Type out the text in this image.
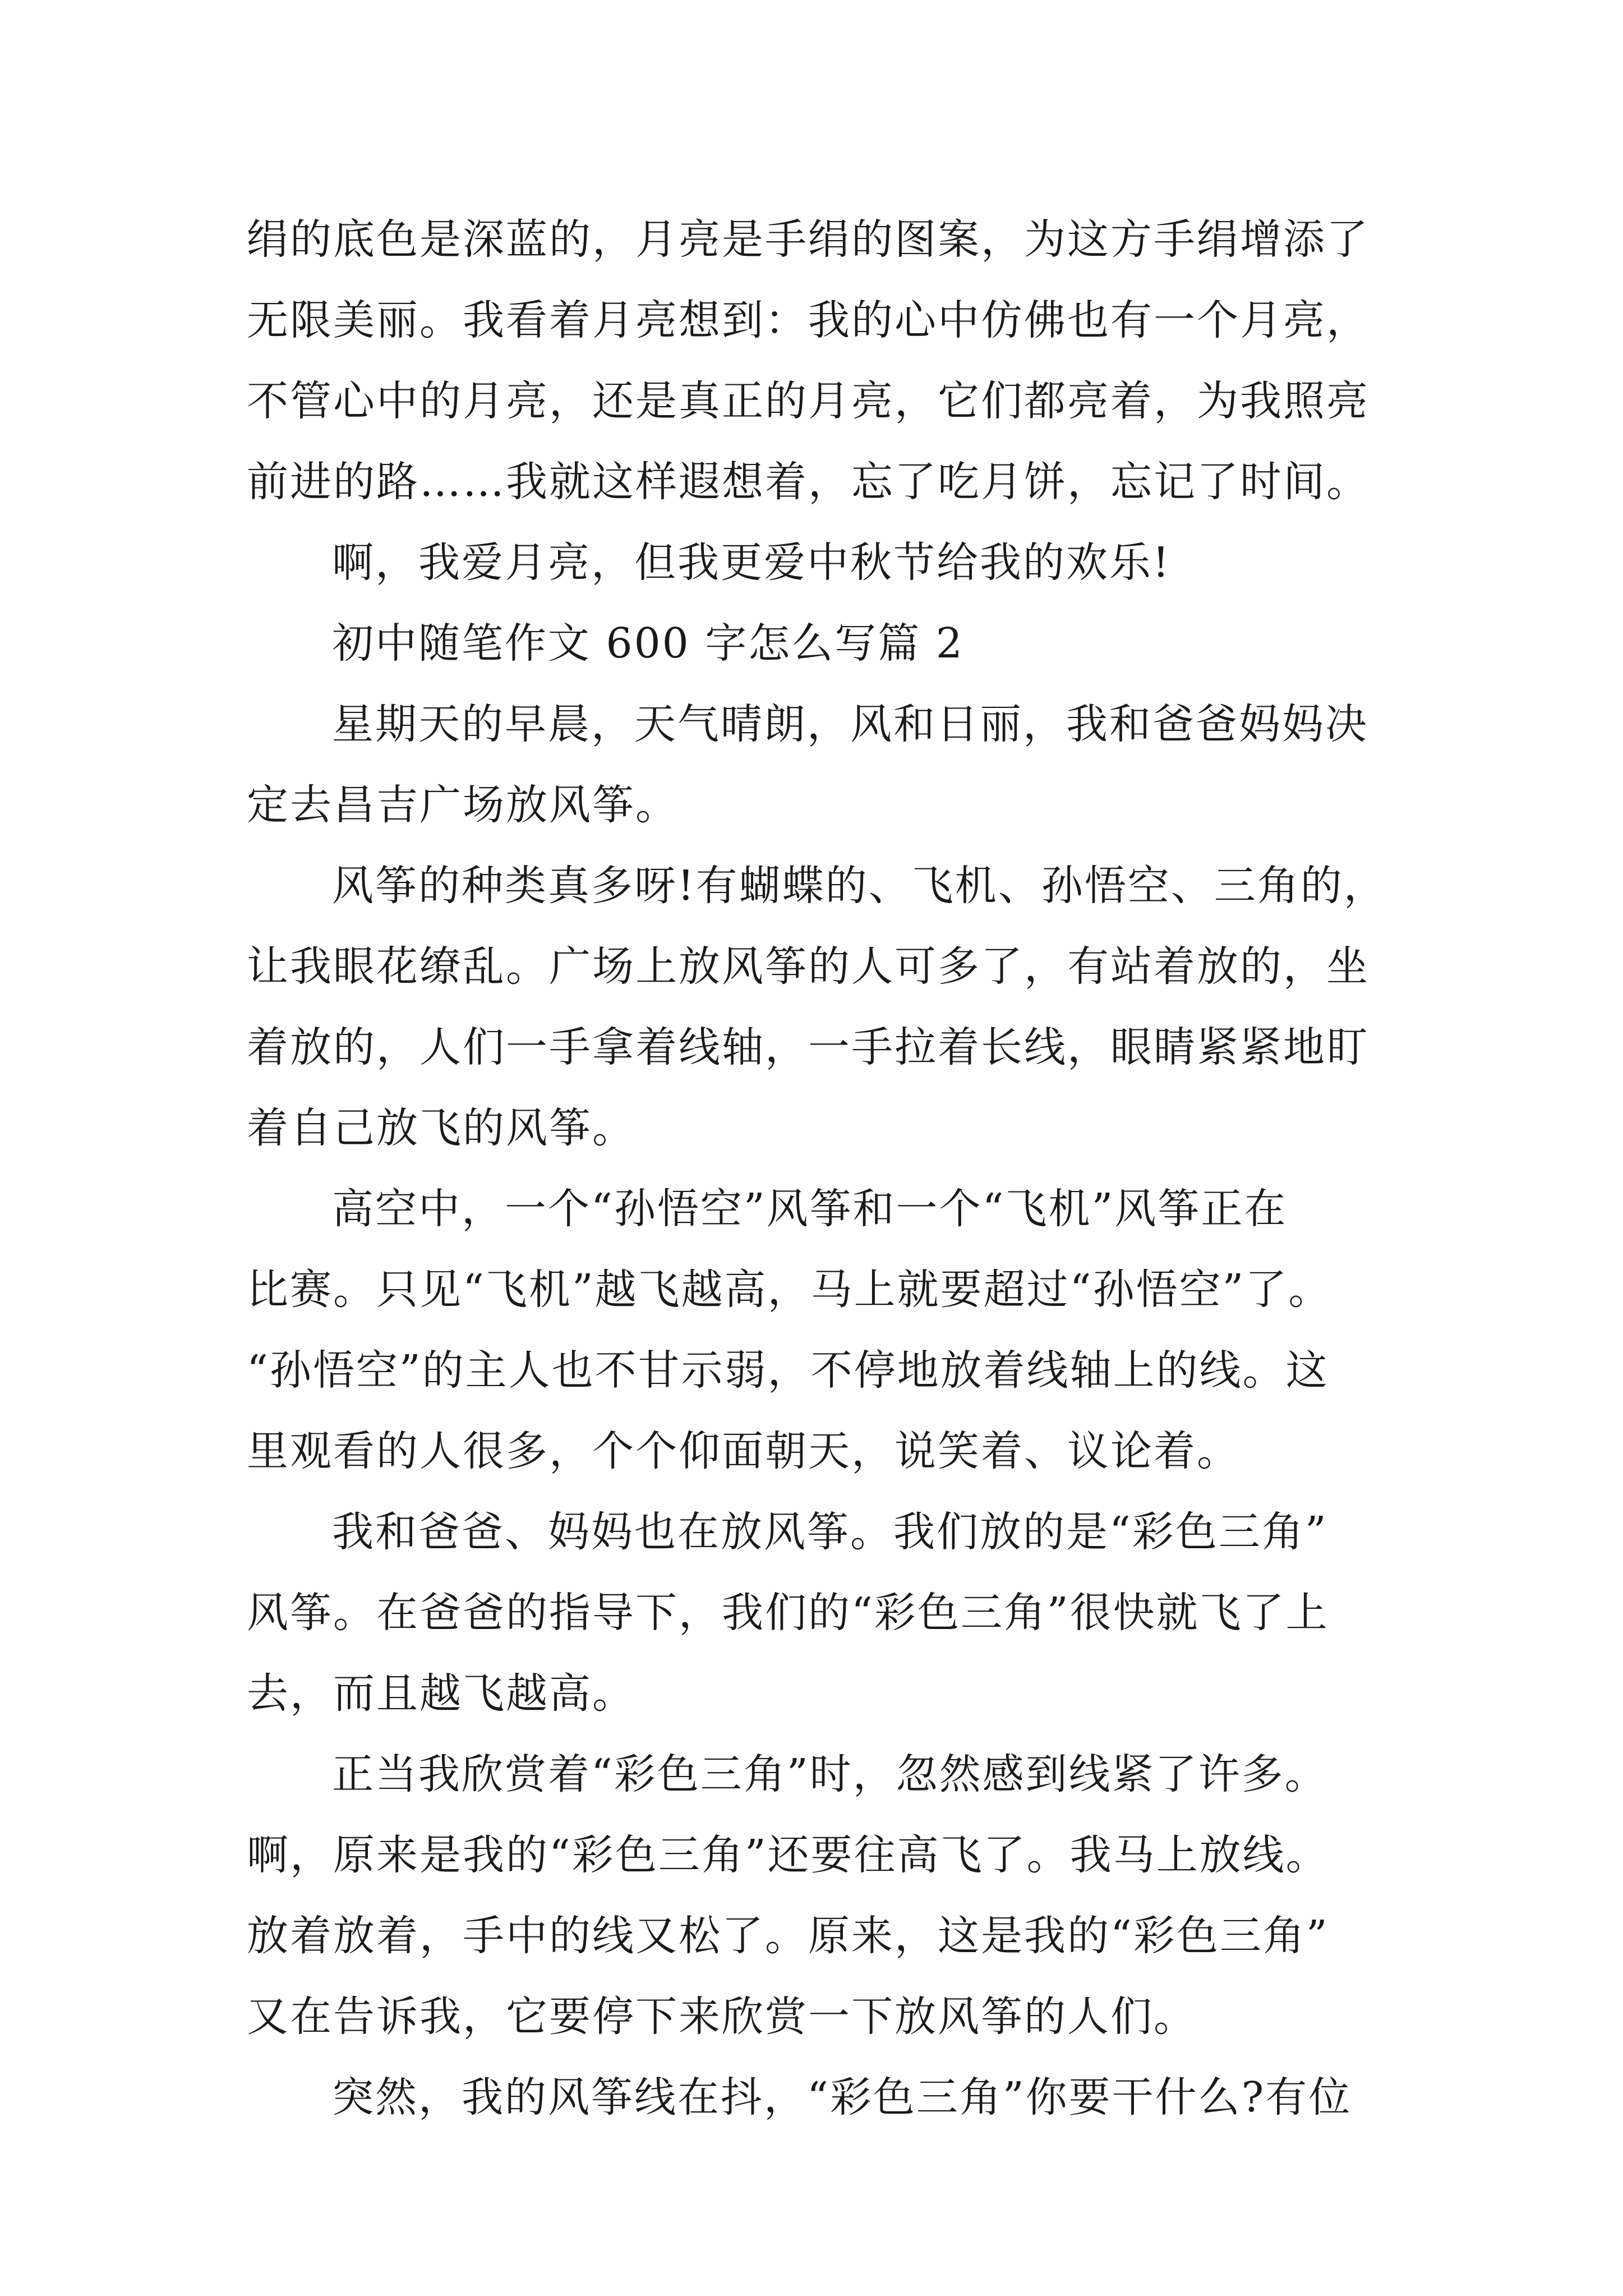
绢的底色是深蓝的，月亮是手绢的图案，为这方手绢增添了
无限美丽。我看着月亮想到：我的心中仿佛也有一个月亮，
不管心中的月亮，还是真正的月亮，它们都亮着，为我照亮
前进的路……我就这样遐想着，忘了吃月饼，忘记了时间。
啊，我爱月亮，但我更爱中秋节给我的欢乐!
初中随笔作文 600 字怎么写篇 2
星期天的早晨，天气晴朗，风和日丽，我和爸爸妈妈决
定去昌吉广场放风筝。
风筝的种类真多呀!有蝴蝶的、飞机、孙悟空、三角的，
让我眼花缭乱。广场上放风筝的人可多了，有站着放的，坐
着放的，人们一手拿着线轴，一手拉着长线，眼睛紧紧地盯
着自己放飞的风筝。
高空中，一个“孙悟空”风筝和一个“飞机”风筝正在
比赛。只见“飞机”越飞越高，马上就要超过“孙悟空”了。
“孙悟空”的主人也不甘示弱，不停地放着线轴上的线。这
里观看的人很多，个个仰面朝天，说笑着、议论着。
我和爸爸、妈妈也在放风筝。我们放的是“彩色三角”
风筝。在爸爸的指导下，我们的“彩色三角”很快就飞了上
去，而且越飞越高。
正当我欣赏着“彩色三角”时，忽然感到线紧了许多。
啊，原来是我的“彩色三角”还要往高飞了。我马上放线。
放着放着，手中的线又松了。原来，这是我的“彩色三角”
又在告诉我，它要停下来欣赏一下放风筝的人们。
突然，我的风筝线在抖，“彩色三角”你要干什么?有位
